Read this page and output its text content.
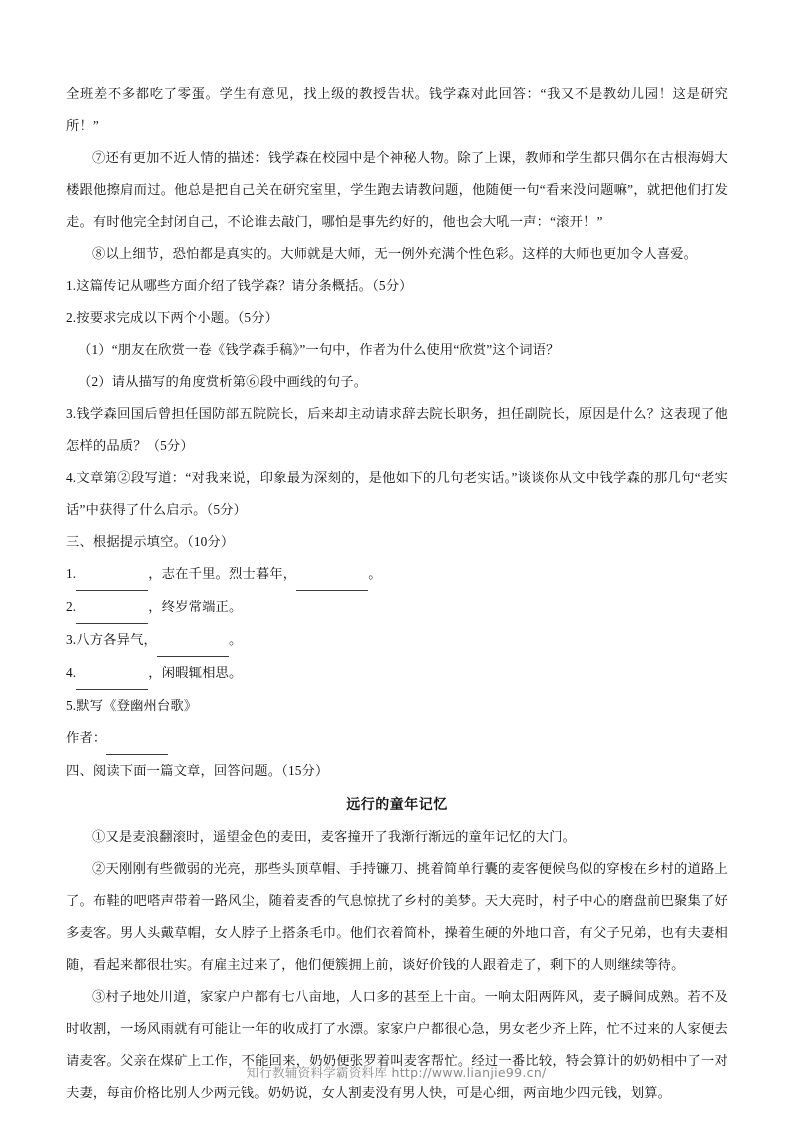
全班差不多都吃了零蛋。学生有意见，找上级的教授告状。钱学森对此回答：“我又不是教幼儿园！这是研究所！”

⑦还有更加不近人情的描述：钱学森在校园中是个神秘人物。除了上课，教师和学生都只偶尔在古根海姆大楼跟他擦肩而过。他总是把自己关在研究室里，学生跑去请教问题，他随便一句“看来没问题嘛”，就把他们打发走。有时他完全封闭自己，不论谁去敲门，哪怕是事先约好的，他也会大吼一声：“滚开！”

⑧以上细节，恐怕都是真实的。大师就是大师，无一例外充满个性色彩。这样的大师也更加令人喜爱。

1.这篇传记从哪些方面介绍了钱学森？请分条概括。（5分）

2.按要求完成以下两个小题。（5分）

（1）“朋友在欣赏一卷《钱学森手稿》”一句中，作者为什么使用“欣赏”这个词语？

（2）请从描写的角度赏析第⑥段中画线的句子。

3.钱学森回国后曾担任国防部五院院长，后来却主动请求辞去院长职务，担任副院长，原因是什么？这表现了他怎样的品质？（5分）

4.文章第②段写道：“对我来说，印象最为深刻的，是他如下的几句老实话。”谈谈你从文中钱学森的那几句“老实话”中获得了什么启示。（5分）

三、根据提示填空。（10分）

1.	，志在千里。烈士暮年，	。

2.	，终岁常端正。

3.八方各异气，	。

4.	，闲暇辄相思。

5.默写《登幽州台歌》

作者：

四、阅读下面一篇文章，回答问题。（15分）

远行的童年记忆

①又是麦浪翻滚时，遥望金色的麦田，麦客撞开了我渐行渐远的童年记忆的大门。

②天刚刚有些微弱的光亮，那些头顶草帽、手持镰刀、挑着简单行囊的麦客便候鸟似的穿梭在乡村的道路上了。布鞋的吧嗒声带着一路风尘，随着麦香的气息惊扰了乡村的美梦。天大亮时，村子中心的磨盘前巴聚集了好多麦客。男人头戴草帽，女人脖子上搭条毛巾。他们衣着简朴，操着生硬的外地口音，有父子兄弟，也有夫妻相随，看起来都很壮实。有雇主过来了，他们便簇拥上前，谈好价钱的人跟着走了，剩下的人则继续等待。

③村子地处川道，家家户户都有七八亩地，人口多的甚至上十亩。一响太阳两阵风，麦子瞬间成熟。若不及时收割，一场风雨就有可能让一年的收成打了水漂。家家户户都很心急，男女老少齐上阵，忙不过来的人家便去请麦客。父亲在煤矿上工作，不能回来，奶奶便张罗着叫麦客帮忙。经过一番比较，特会算计的奶奶相中了一对夫妻，每亩价格比别人少两元钱。奶奶说，女人割麦没有男人快，可是心细，两亩地少四元钱，划算。

知行教辅资料学霸资料库 http://www.lianjie99.cn/
